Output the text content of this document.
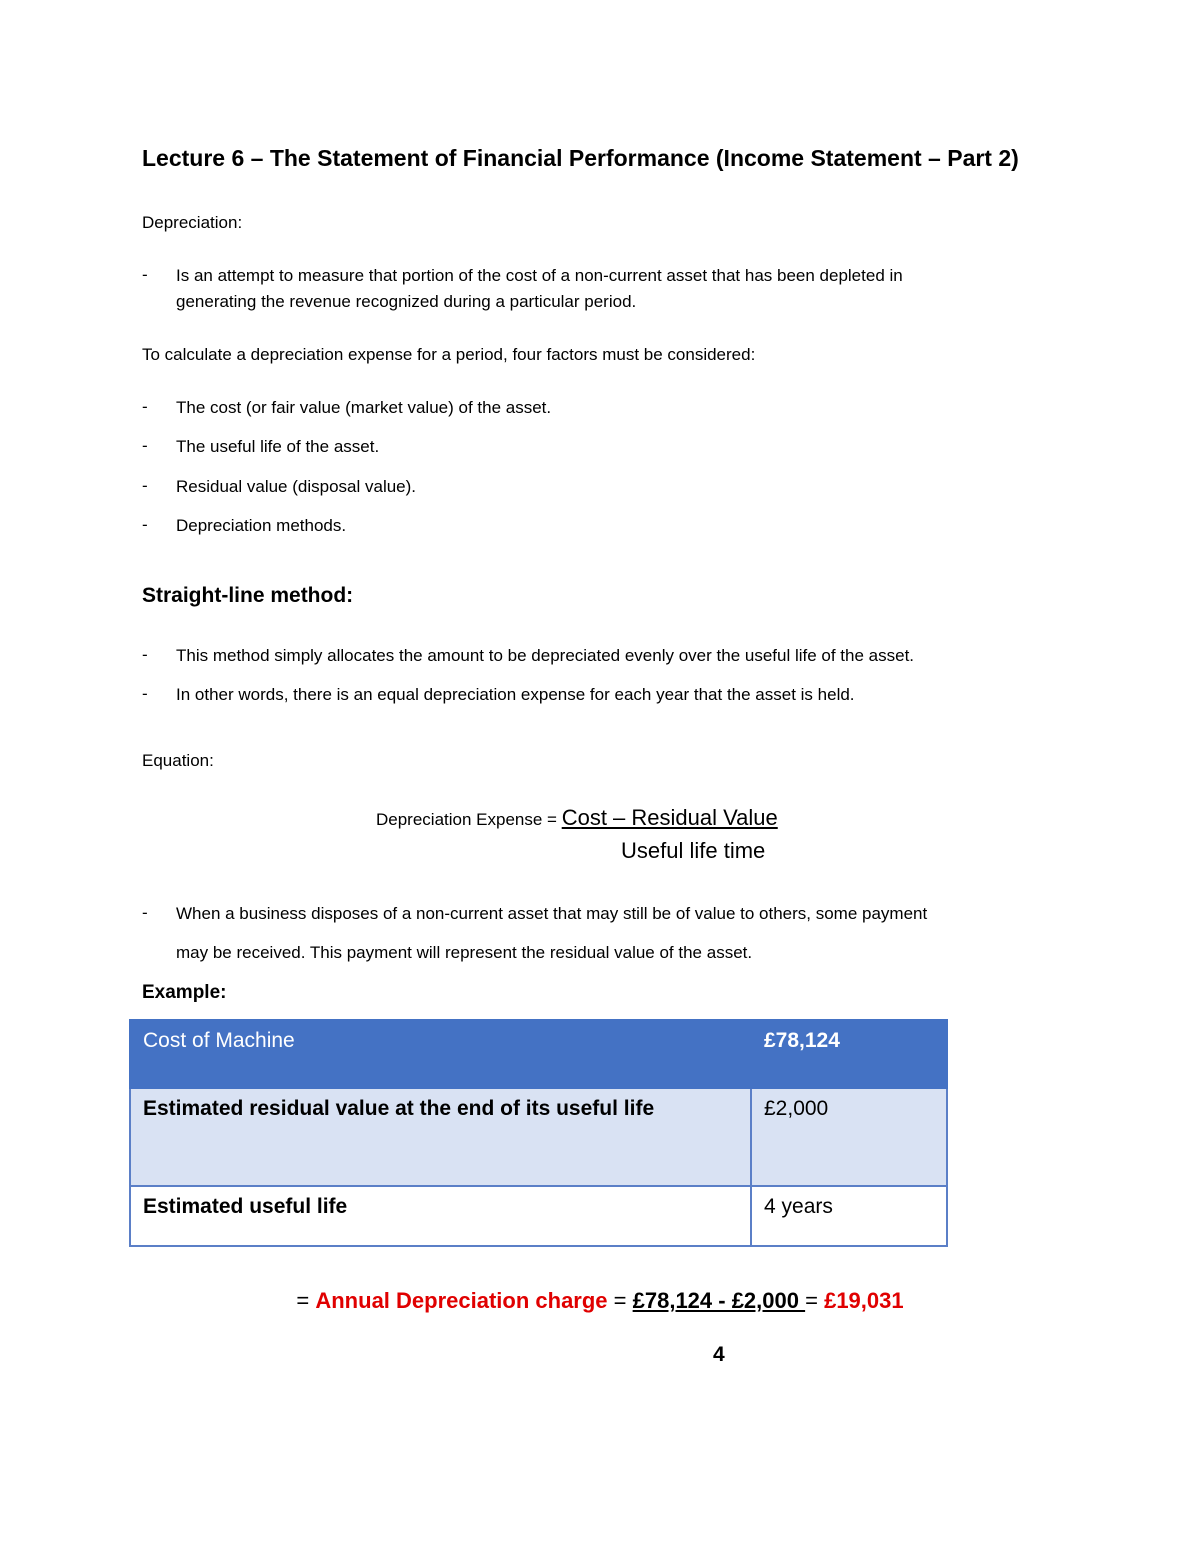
Lecture 6 – The Statement of Financial Performance (Income Statement – Part 2)
Depreciation:
- Is an attempt to measure that portion of the cost of a non-current asset that has been depleted in
generating the revenue recognized during a particular period.
To calculate a depreciation expense for a period, four factors must be considered:
- The cost (or fair value (market value) of the asset.
- The useful life of the asset.
- Residual value (disposal value).
- Depreciation methods.
Straight-line method:
- This method simply allocates the amount to be depreciated evenly over the useful life of the asset.
- In other words, there is an equal depreciation expense for each year that the asset is held.
Equation:
Depreciation Expense = Cost – Residual Value
Useful life time
- When a business disposes of a non-current asset that may still be of value to others, some payment
may be received. This payment will represent the residual value of the asset.
Example:
Cost of Machine	£78,124
Estimated residual value at the end of its useful life	£2,000
Estimated useful life	4 years
= Annual Depreciation charge = £78,124 - £2,000 = £19,031
4
